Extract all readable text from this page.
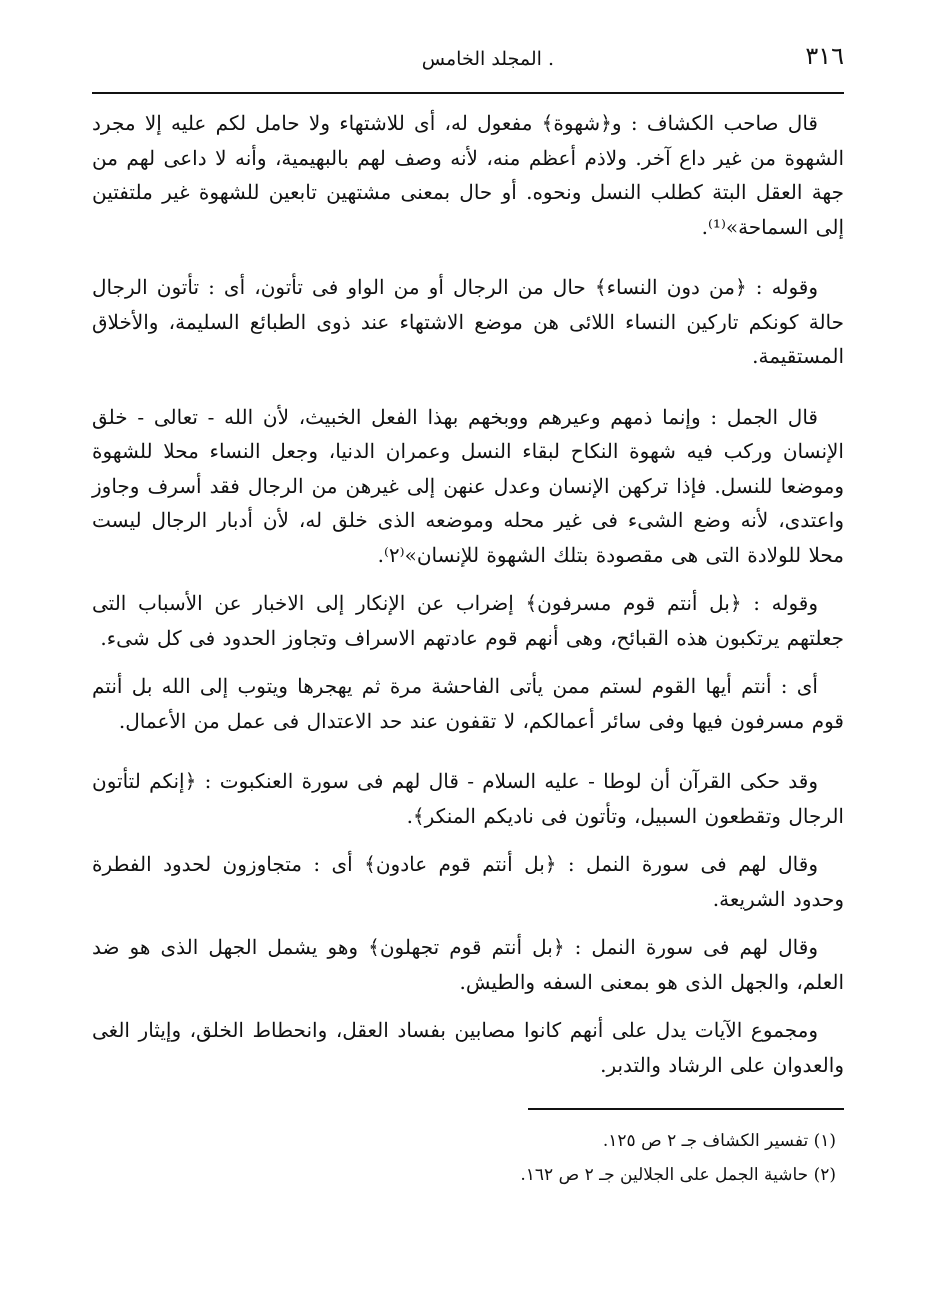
٣١٦
. المجلد الخامس

قال صاحب الكشاف : و﴿شهوة﴾ مفعول له، أى للاشتهاء ولا حامل لكم عليه إلا مجرد الشهوة من غير داع آخر. ولاذم أعظم منه، لأنه وصف لهم بالبهيمية، وأنه لا داعى لهم من جهة العقل البتة كطلب النسل ونحوه. أو حال بمعنى مشتهين تابعين للشهوة غير ملتفتين إلى السماحة»⁽¹⁾.

وقوله : ﴿من دون النساء﴾ حال من الرجال أو من الواو فى تأتون، أى : تأتون الرجال حالة كونكم تاركين النساء اللائى هن موضع الاشتهاء عند ذوى الطبائع السليمة، والأخلاق المستقيمة.

قال الجمل : وإنما ذمهم وعيرهم ووبخهم بهذا الفعل الخبيث، لأن الله - تعالى - خلق الإنسان وركب فيه شهوة النكاح لبقاء النسل وعمران الدنيا، وجعل النساء محلا للشهوة وموضعا للنسل. فإذا تركهن الإنسان وعدل عنهن إلى غيرهن من الرجال فقد أسرف وجاوز واعتدى، لأنه وضع الشىء فى غير محله وموضعه الذى خلق له، لأن أدبار الرجال ليست محلا للولادة التى هى مقصودة بتلك الشهوة للإنسان»⁽٢⁾.

وقوله : ﴿بل أنتم قوم مسرفون﴾ إضراب عن الإنكار إلى الاخبار عن الأسباب التى جعلتهم يرتكبون هذه القبائح، وهى أنهم قوم عادتهم الاسراف وتجاوز الحدود فى كل شىء.

أى : أنتم أيها القوم لستم ممن يأتى الفاحشة مرة ثم يهجرها ويتوب إلى الله بل أنتم قوم مسرفون فيها وفى سائر أعمالكم، لا تقفون عند حد الاعتدال فى عمل من الأعمال.

وقد حكى القرآن أن لوطا - عليه السلام - قال لهم فى سورة العنكبوت : ﴿إنكم لتأتون الرجال وتقطعون السبيل، وتأتون فى ناديكم المنكر﴾.

وقال لهم فى سورة النمل : ﴿بل أنتم قوم عادون﴾ أى : متجاوزون لحدود الفطرة وحدود الشريعة.

وقال لهم فى سورة النمل : ﴿بل أنتم قوم تجهلون﴾ وهو يشمل الجهل الذى هو ضد العلم، والجهل الذى هو بمعنى السفه والطيش.

ومجموع الآيات يدل على أنهم كانوا مصابين بفساد العقل، وانحطاط الخلق، وإيثار الغى والعدوان على الرشاد والتدبر.

(١) تفسير الكشاف جـ ٢ ص ١٢٥.
(٢) حاشية الجمل على الجلالين جـ ٢ ص ١٦٢.
